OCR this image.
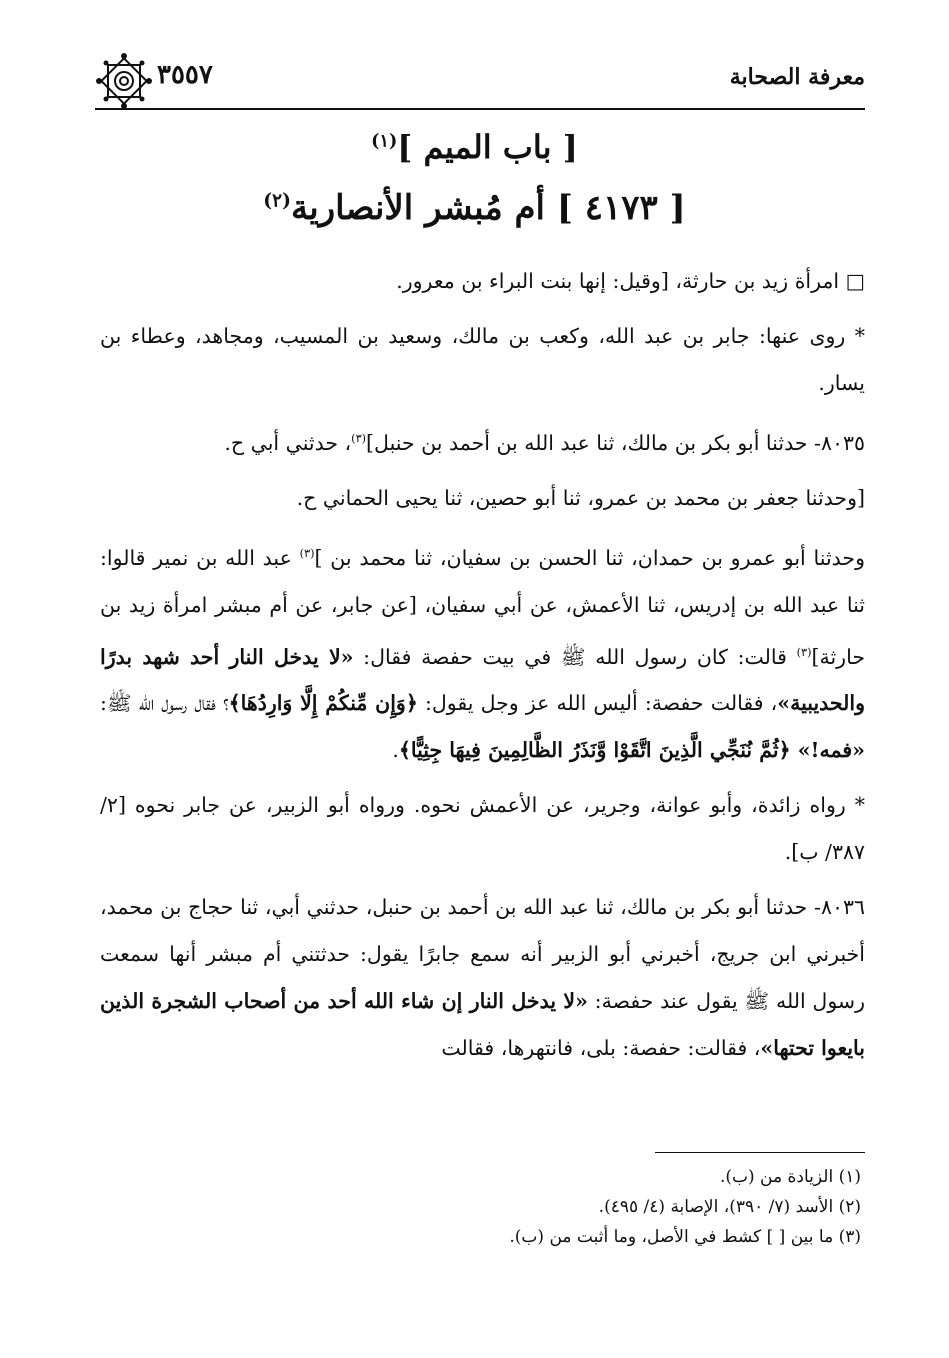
معرفة الصحابة
٣٥٥٧
[ باب الميم ]$^{(١)}$
[ ٤١٧٣ ] أم مُبشر الأنصارية$^{(٢)}$

□ امرأة زيد بن حارثة، [وقيل: إنها بنت البراء بن معرور.

* روى عنها: جابر بن عبد الله، وكعب بن مالك، وسعيد بن المسيب، ومجاهد، وعطاء بن يسار.

٨٠٣٥- حدثنا أبو بكر بن مالك، ثنا عبد الله بن أحمد بن حنبل]$^{(٣)}$، حدثني أبي ح.

[وحدثنا جعفر بن محمد بن عمرو، ثنا أبو حصين، ثنا يحيى الحماني ح.

وحدثنا أبو عمرو بن حمدان، ثنا الحسن بن سفيان، ثنا محمد بن ]$^{(٣)}$ عبد الله بن نمير قالوا: ثنا عبد الله بن إدريس، ثنا الأعمش، عن أبي سفيان، [عن جابر، عن أم مبشر امرأة زيد بن حارثة]$^{(٣)}$ قالت: كان رسول الله ﷺ في بيت حفصة فقال: «لا يدخل النار أحد شهد بدرًا والحديبية»، فقالت حفصة: أليس الله عز وجل يقول: ﴿وَإِن مِّنكُمْ إِلَّا وَارِدُهَا﴾؟ فقال رسول الله ﷺ: «فمه!» ﴿ثُمَّ نُنَجِّي الَّذِينَ اتَّقَوْا وَّنَذَرُ الظَّالِمِينَ فِيهَا جِثِيًّا﴾.

* رواه زائدة، وأبو عوانة، وجرير، عن الأعمش نحوه. ورواه أبو الزبير، عن جابر نحوه [٢/ ٣٨٧/ ب].

٨٠٣٦- حدثنا أبو بكر بن مالك، ثنا عبد الله بن أحمد بن حنبل، حدثني أبي، ثنا حجاج بن محمد، أخبرني ابن جريج، أخبرني أبو الزبير أنه سمع جابرًا يقول: حدثتني أم مبشر أنها سمعت رسول الله ﷺ يقول عند حفصة: «لا يدخل النار إن شاء الله أحد من أصحاب الشجرة الذين بايعوا تحتها»، فقالت: حفصة: بلى، فانتهرها، فقالت

(١) الزيادة من (ب).
(٢) الأسد (٧/ ٣٩٠)، الإصابة (٤/ ٤٩٥).
(٣) ما بين [ ] كشط في الأصل، وما أثبت من (ب).
